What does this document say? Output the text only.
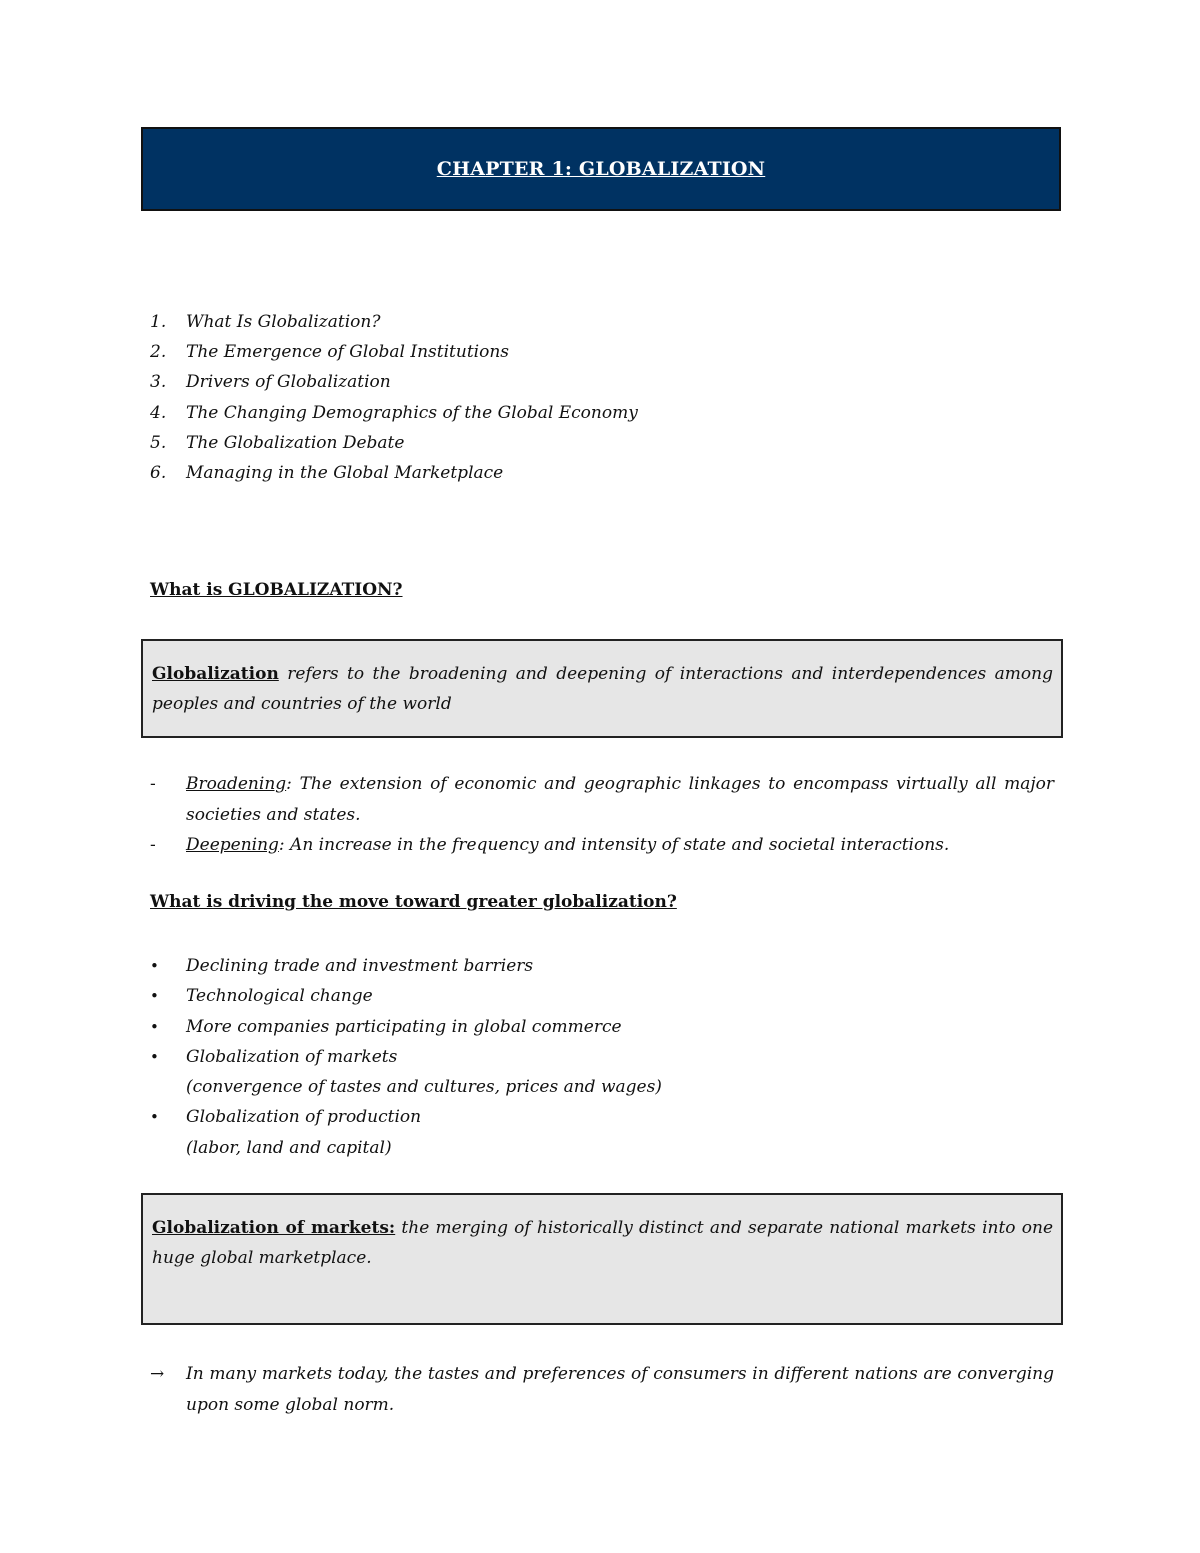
CHAPTER 1: GLOBALIZATION
1. What Is Globalization?
2. The Emergence of Global Institutions
3. Drivers of Globalization
4. The Changing Demographics of the Global Economy
5. The Globalization Debate
6. Managing in the Global Marketplace
What is GLOBALIZATION?

Globalization refers to the broadening and deepening of interactions and interdependences among peoples and countries of the world

- Broadening: The extension of economic and geographic linkages to encompass virtually all major societies and states.
- Deepening: An increase in the frequency and intensity of state and societal interactions.
What is driving the move toward greater globalization?
• Declining trade and investment barriers
• Technological change
• More companies participating in global commerce
• Globalization of markets
(convergence of tastes and cultures, prices and wages)
• Globalization of production
(labor, land and capital)

Globalization of markets: the merging of historically distinct and separate national markets into one huge global marketplace.

→	In many markets today, the tastes and preferences of consumers in different nations are converging upon some global norm.
